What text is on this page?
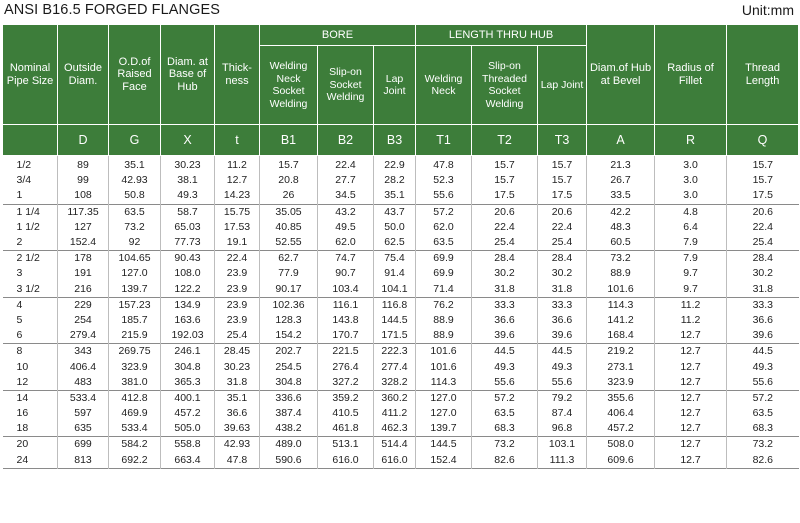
ANSI B16.5 FORGED FLANGES	Unit:mm
Nominal Pipe Size	Outside Diam.	O.D.of Raised Face	Diam. at Base of Hub	Thick- ness	BORE			LENGTH THRU HUB			Diam.of Hub at Bevel	Radius of Fillet	Thread Length
					Welding Neck Socket Welding	Slip-on Socket Welding	Lap Joint	Welding Neck	Slip-on Threaded Socket Welding	Lap Joint			
	D	G	X	t	B1	B2	B3	T1	T2	T3	A	R	Q
1/2	89	35.1	30.23	11.2	15.7	22.4	22.9	47.8	15.7	15.7	21.3	3.0	15.7
3/4	99	42.93	38.1	12.7	20.8	27.7	28.2	52.3	15.7	15.7	26.7	3.0	15.7
1	108	50.8	49.3	14.23	26	34.5	35.1	55.6	17.5	17.5	33.5	3.0	17.5
1 1/4	117.35	63.5	58.7	15.75	35.05	43.2	43.7	57.2	20.6	20.6	42.2	4.8	20.6
1 1/2	127	73.2	65.03	17.53	40.85	49.5	50.0	62.0	22.4	22.4	48.3	6.4	22.4
2	152.4	92	77.73	19.1	52.55	62.0	62.5	63.5	25.4	25.4	60.5	7.9	25.4
2 1/2	178	104.65	90.43	22.4	62.7	74.7	75.4	69.9	28.4	28.4	73.2	7.9	28.4
3	191	127.0	108.0	23.9	77.9	90.7	91.4	69.9	30.2	30.2	88.9	9.7	30.2
3 1/2	216	139.7	122.2	23.9	90.17	103.4	104.1	71.4	31.8	31.8	101.6	9.7	31.8
4	229	157.23	134.9	23.9	102.36	116.1	116.8	76.2	33.3	33.3	114.3	11.2	33.3
5	254	185.7	163.6	23.9	128.3	143.8	144.5	88.9	36.6	36.6	141.2	11.2	36.6
6	279.4	215.9	192.03	25.4	154.2	170.7	171.5	88.9	39.6	39.6	168.4	12.7	39.6
8	343	269.75	246.1	28.45	202.7	221.5	222.3	101.6	44.5	44.5	219.2	12.7	44.5
10	406.4	323.9	304.8	30.23	254.5	276.4	277.4	101.6	49.3	49.3	273.1	12.7	49.3
12	483	381.0	365.3	31.8	304.8	327.2	328.2	114.3	55.6	55.6	323.9	12.7	55.6
14	533.4	412.8	400.1	35.1	336.6	359.2	360.2	127.0	57.2	79.2	355.6	12.7	57.2
16	597	469.9	457.2	36.6	387.4	410.5	411.2	127.0	63.5	87.4	406.4	12.7	63.5
18	635	533.4	505.0	39.63	438.2	461.8	462.3	139.7	68.3	96.8	457.2	12.7	68.3
20	699	584.2	558.8	42.93	489.0	513.1	514.4	144.5	73.2	103.1	508.0	12.7	73.2
24	813	692.2	663.4	47.8	590.6	616.0	616.0	152.4	82.6	111.3	609.6	12.7	82.6
